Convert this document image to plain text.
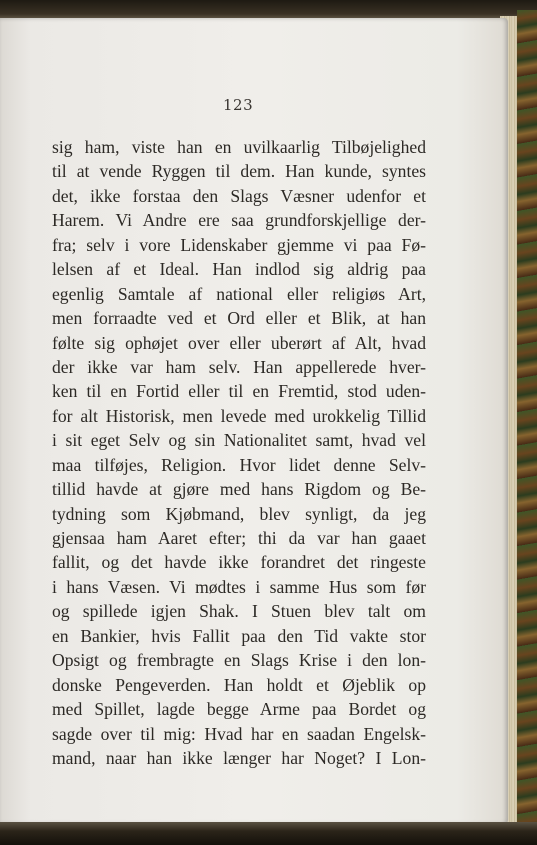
123
sig ham, viste han en uvilkaarlig Tilbøjelighed
til at vende Ryggen til dem. Han kunde, syntes
det, ikke forstaa den Slags Væsner udenfor et
Harem. Vi Andre ere saa grundforskjellige der-
fra; selv i vore Lidenskaber gjemme vi paa Fø-
lelsen af et Ideal. Han indlod sig aldrig paa
egenlig Samtale af national eller religiøs Art,
men forraadte ved et Ord eller et Blik, at han
følte sig ophøjet over eller uberørt af Alt, hvad
der ikke var ham selv. Han appellerede hver-
ken til en Fortid eller til en Fremtid, stod uden-
for alt Historisk, men levede med urokkelig Tillid
i sit eget Selv og sin Nationalitet samt, hvad vel
maa tilføjes, Religion. Hvor lidet denne Selv-
tillid havde at gjøre med hans Rigdom og Be-
tydning som Kjøbmand, blev synligt, da jeg
gjensaa ham Aaret efter; thi da var han gaaet
fallit, og det havde ikke forandret det ringeste
i hans Væsen. Vi mødtes i samme Hus som før
og spillede igjen Shak. I Stuen blev talt om
en Bankier, hvis Fallit paa den Tid vakte stor
Opsigt og frembragte en Slags Krise i den lon-
donske Pengeverden. Han holdt et Øjeblik op
med Spillet, lagde begge Arme paa Bordet og
sagde over til mig: Hvad har en saadan Engelsk-
mand, naar han ikke længer har Noget? I Lon-
